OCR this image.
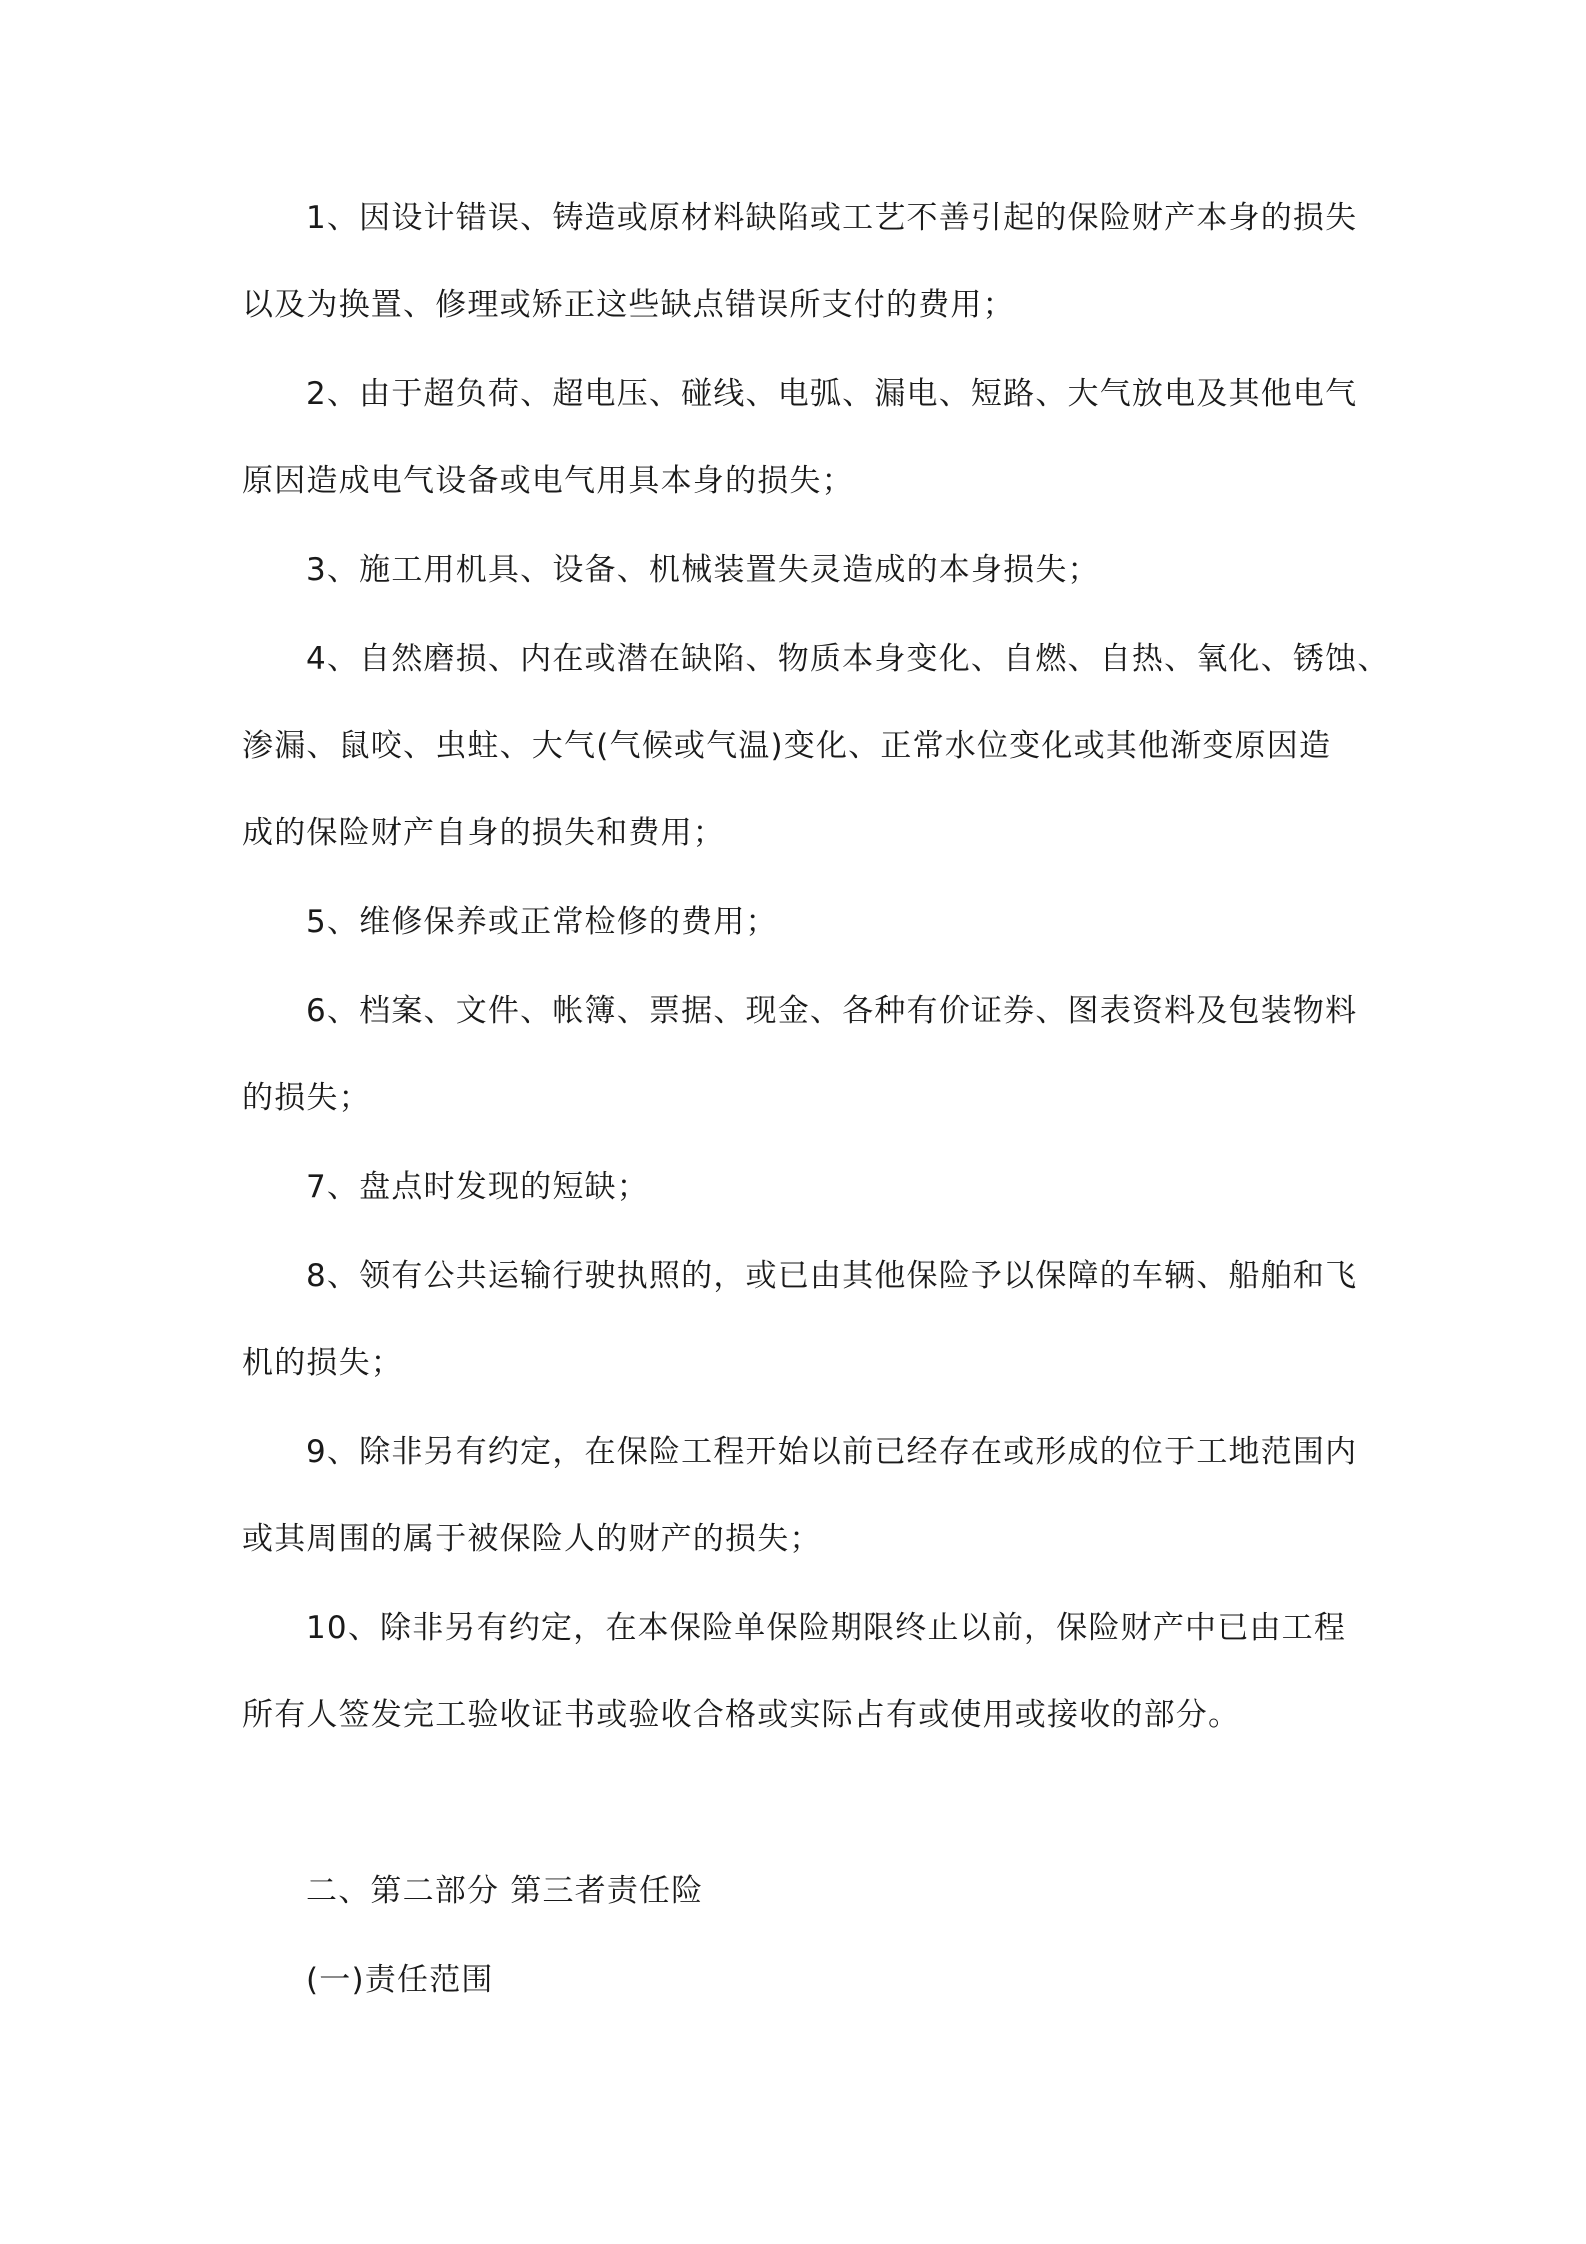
1、因设计错误、铸造或原材料缺陷或工艺不善引起的保险财产本身的损失
以及为换置、修理或矫正这些缺点错误所支付的费用；
2、由于超负荷、超电压、碰线、电弧、漏电、短路、大气放电及其他电气
原因造成电气设备或电气用具本身的损失；
3、施工用机具、设备、机械装置失灵造成的本身损失；
4、自然磨损、内在或潜在缺陷、物质本身变化、自燃、自热、氧化、锈蚀、
渗漏、鼠咬、虫蛀、大气(气候或气温)变化、正常水位变化或其他渐变原因造
成的保险财产自身的损失和费用；
5、维修保养或正常检修的费用；
6、档案、文件、帐簿、票据、现金、各种有价证券、图表资料及包装物料
的损失；
7、盘点时发现的短缺；
8、领有公共运输行驶执照的，或已由其他保险予以保障的车辆、船舶和飞
机的损失；
9、除非另有约定，在保险工程开始以前已经存在或形成的位于工地范围内
或其周围的属于被保险人的财产的损失；
10、除非另有约定，在本保险单保险期限终止以前，保险财产中已由工程
所有人签发完工验收证书或验收合格或实际占有或使用或接收的部分。
二、第二部分 第三者责任险
(一)责任范围
